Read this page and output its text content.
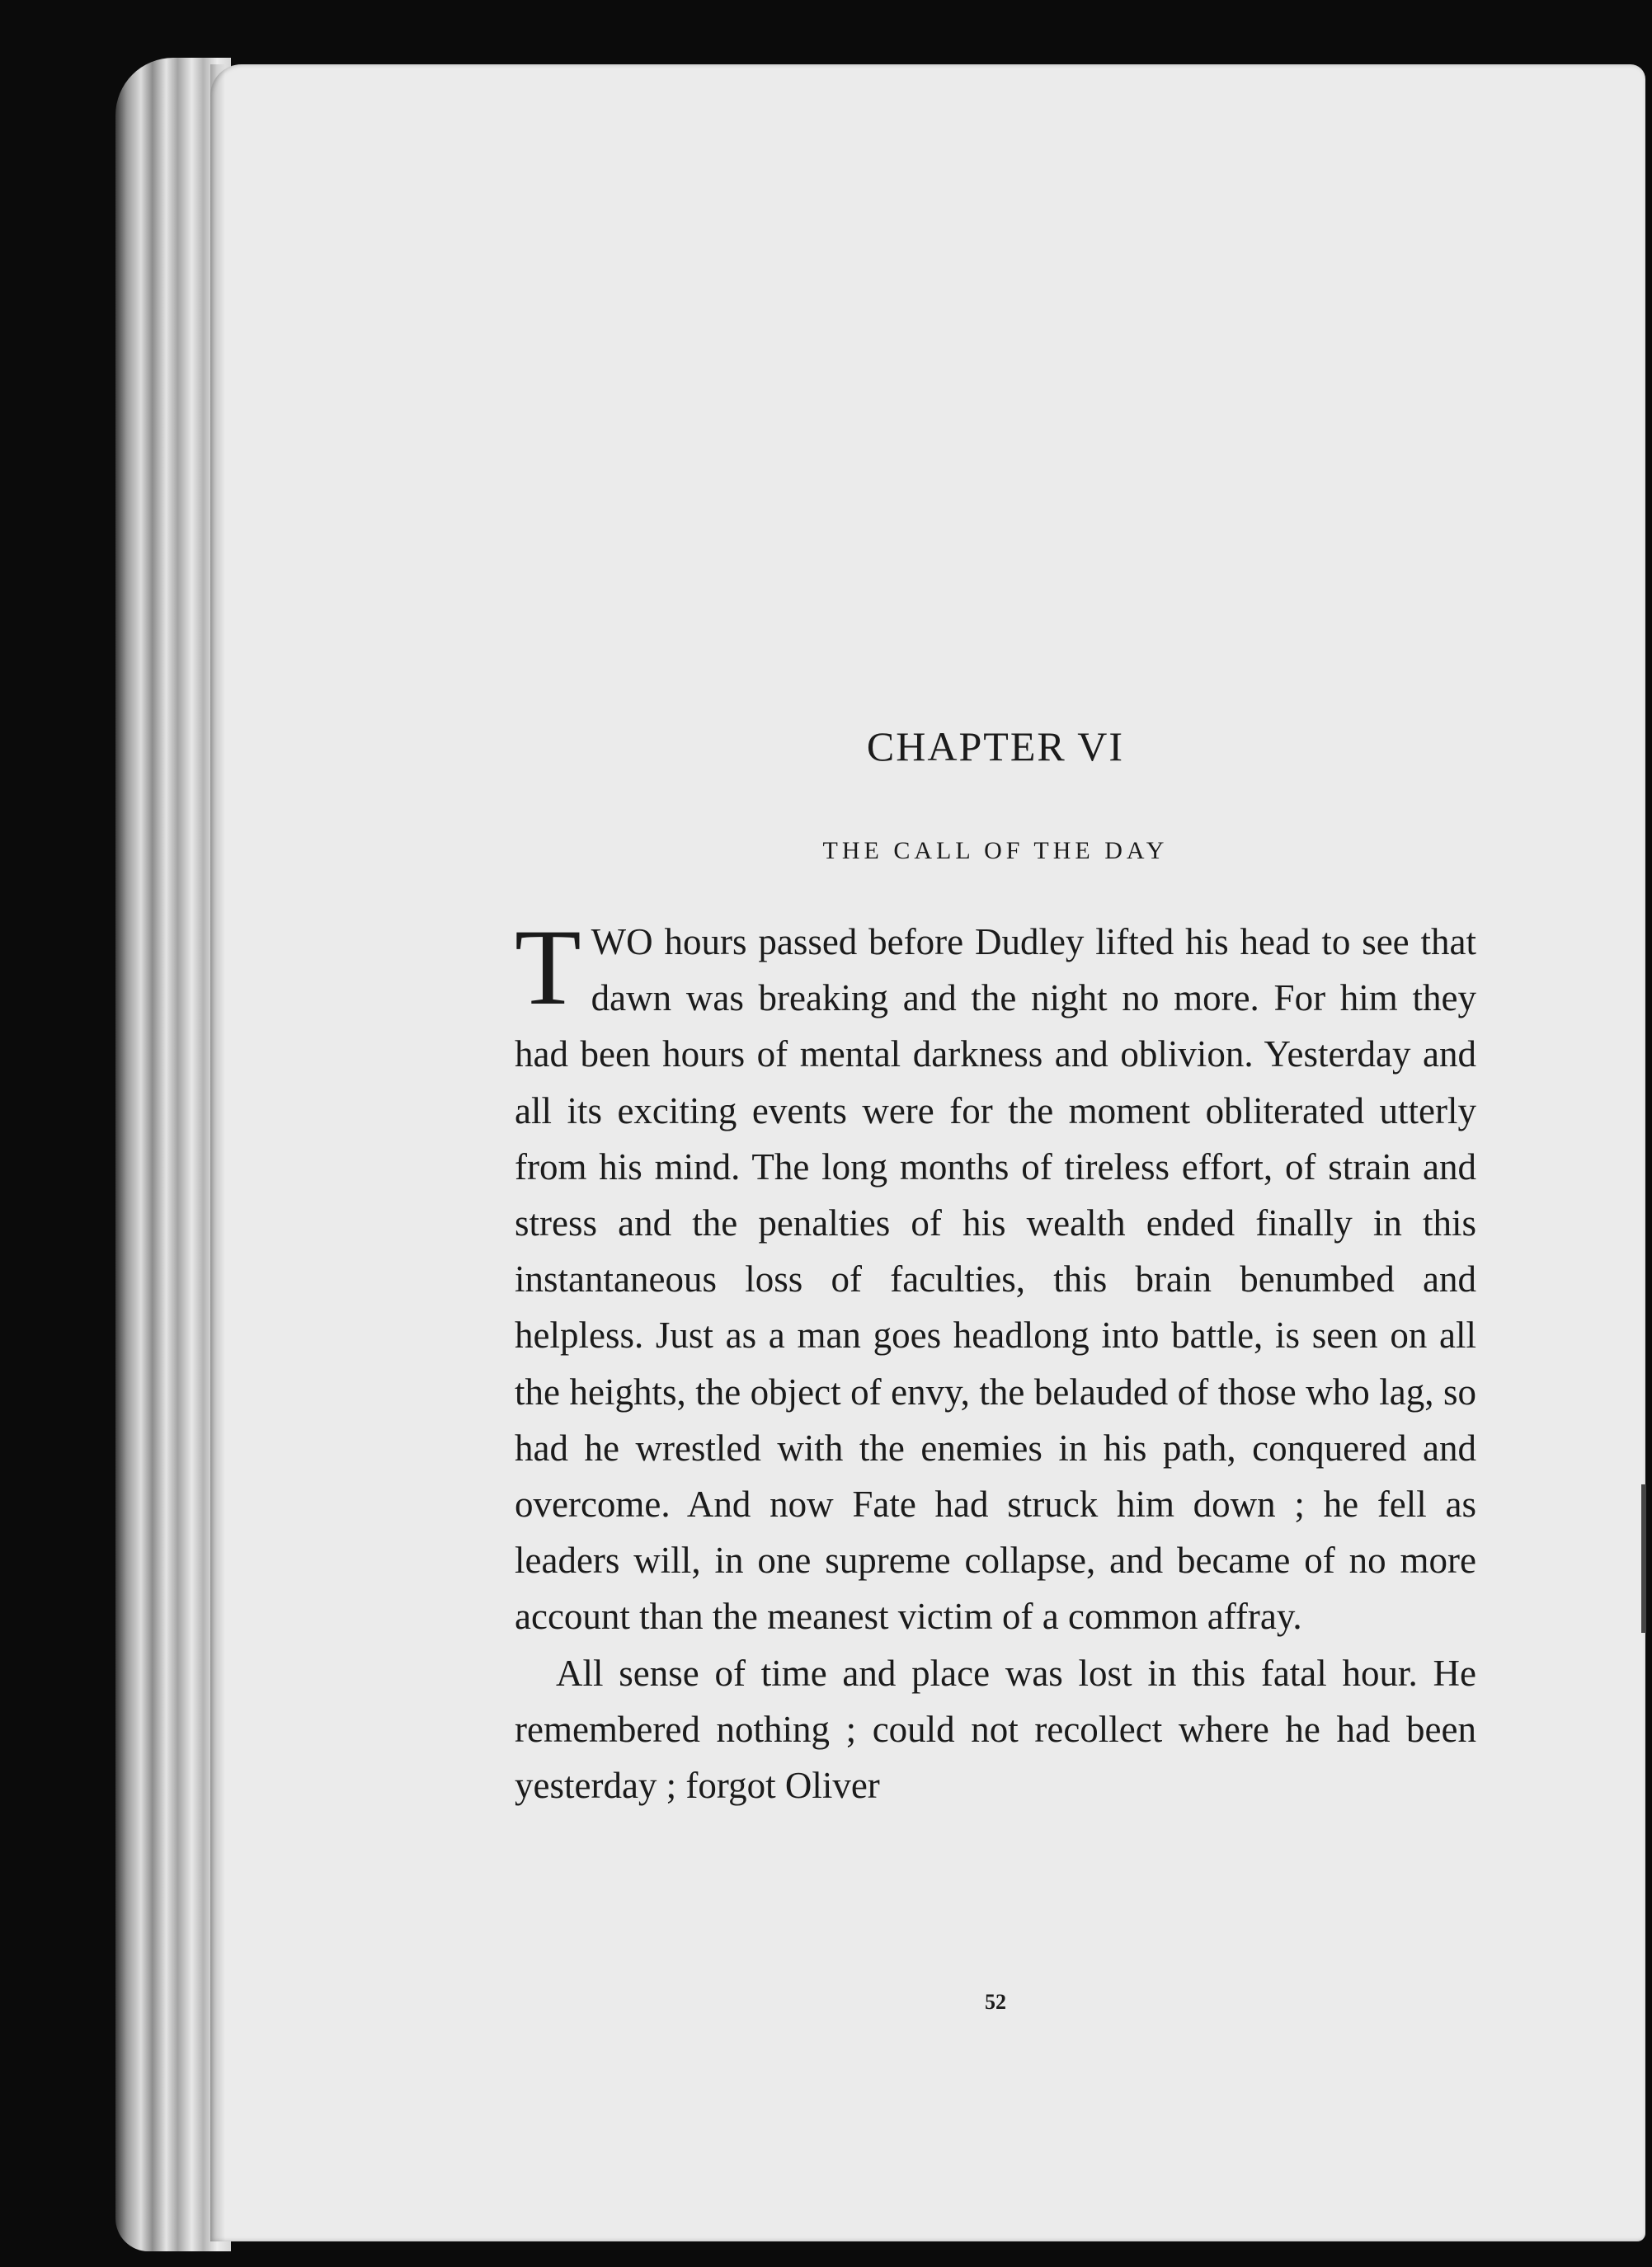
CHAPTER VI
THE CALL OF THE DAY

TWO hours passed before Dudley lifted his head to see that dawn was breaking and the night no more. For him they had been hours of mental darkness and oblivion. Yesterday and all its exciting events were for the moment obliterated utterly from his mind. The long months of tireless effort, of strain and stress and the penalties of his wealth ended finally in this instantaneous loss of faculties, this brain benumbed and helpless. Just as a man goes headlong into battle, is seen on all the heights, the object of envy, the belauded of those who lag, so had he wrestled with the enemies in his path, conquered and overcome. And now Fate had struck him down ; he fell as leaders will, in one supreme collapse, and became of no more account than the meanest victim of a common affray.

All sense of time and place was lost in this fatal hour. He remembered nothing ; could not recollect where he had been yesterday ; forgot Oliver

52
